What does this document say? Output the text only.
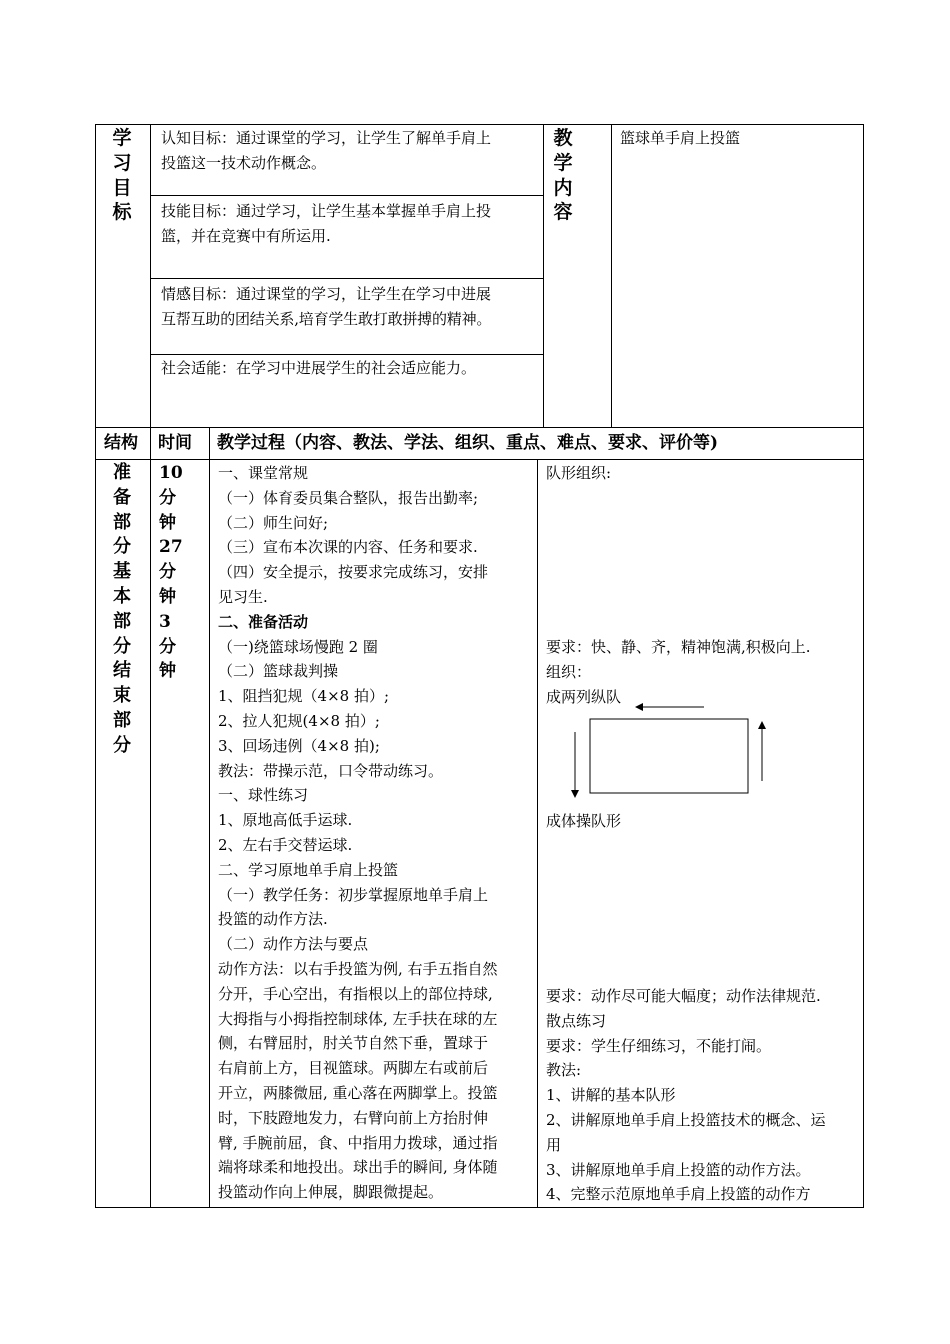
学
习
目
标
认知目标：通过课堂的学习，让学生了解单手肩上
投篮这一技术动作概念。
技能目标：通过学习，让学生基本掌握单手肩上投
篮，并在竞赛中有所运用.
情感目标：通过课堂的学习，让学生在学习中进展
互帮互助的团结关系,培育学生敢打敢拼搏的精神。
社会适能：在学习中进展学生的社会适应能力。
教
学
内
容
篮球单手肩上投篮
结构 时间 教学过程（内容、教法、学法、组织、重点、难点、要求、评价等)
准
备
部
分
基
本
部
分
结
束
部
分
10
分
钟
27
分
钟
3
分
钟
一、课堂常规
（一）体育委员集合整队，报告出勤率;
（二）师生问好;
（三）宣布本次课的内容、任务和要求.
（四）安全提示，按要求完成练习，安排
见习生.
二、准备活动
（一)绕篮球场慢跑 2 圈
（二）篮球裁判操
1、阻挡犯规（4×8 拍）;
2、拉人犯规(4×8 拍）;
3、回场违例（4×8 拍);
教法：带操示范，口令带动练习。
一、球性练习
1、原地高低手运球.
2、左右手交替运球.
二、学习原地单手肩上投篮
（一）教学任务：初步掌握原地单手肩上
投篮的动作方法.
（二）动作方法与要点
动作方法：以右手投篮为例, 右手五指自然
分开，手心空出，有指根以上的部位持球,
大拇指与小拇指控制球体, 左手扶在球的左
侧，右臂屈肘，肘关节自然下垂，置球于
右肩前上方，目视篮球。两脚左右或前后
开立，两膝微屈, 重心落在两脚掌上。投篮
时，下肢蹬地发力，右臂向前上方抬肘伸
臂, 手腕前屈，食、中指用力拨球，通过指
端将球柔和地投出。球出手的瞬间, 身体随
投篮动作向上伸展，脚跟微提起。
队形组织:
要求：快、静、齐，精神饱满,积极向上.
组织：
成两列纵队
成体操队形
要求：动作尽可能大幅度；动作法律规范.
散点练习
要求：学生仔细练习，不能打闹。
教法:
1、讲解的基本队形
2、讲解原地单手肩上投篮技术的概念、运
用
3、讲解原地单手肩上投篮的动作方法。
4、完整示范原地单手肩上投篮的动作方
